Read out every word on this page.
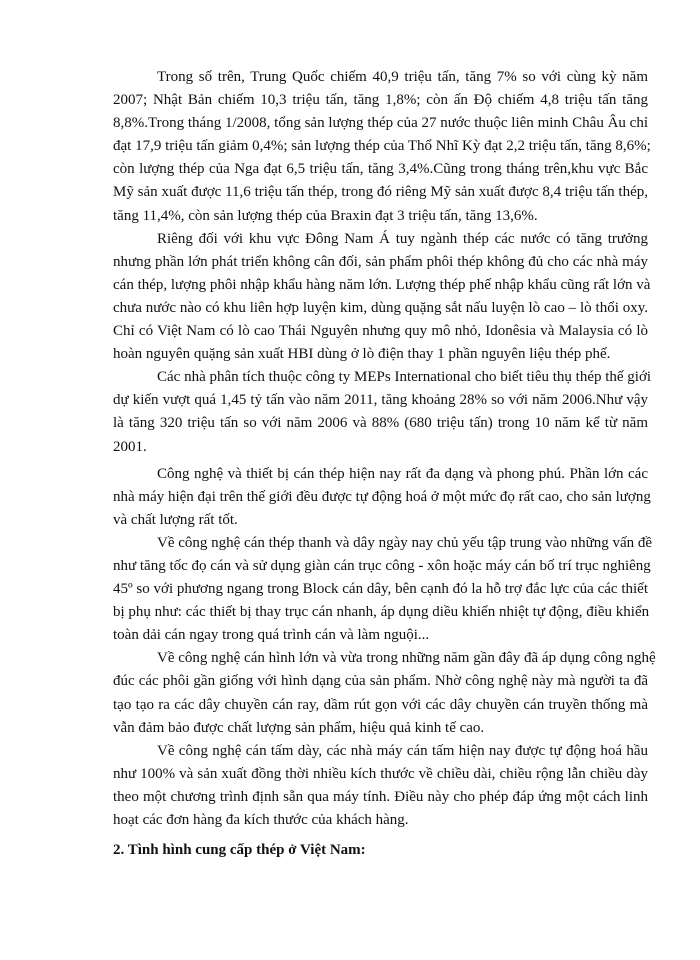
Trong số trên, Trung Quốc chiếm 40,9 triệu tấn, tăng 7% so với cùng kỳ năm
2007; Nhật Bản chiếm 10,3 triệu tấn, tăng 1,8%; còn ấn Độ chiếm 4,8 triệu tấn tăng
8,8%.Trong tháng 1/2008, tổng sản lượng thép của 27 nước thuộc liên minh Châu Âu chỉ
đạt 17,9 triệu tấn giảm 0,4%; sản lượng thép của Thổ Nhĩ Kỳ đạt 2,2 triệu tấn, tăng 8,6%;
còn lượng thép của Nga đạt 6,5 triệu tấn, tăng 3,4%.Cũng trong tháng trên,khu vực Bắc
Mỹ sản xuất được 11,6 triệu tấn thép, trong đó riêng Mỹ sản xuất được 8,4 triệu tấn thép,
tăng 11,4%, còn sản lượng thép của Braxin đạt 3 triệu tấn, tăng 13,6%.
Riêng đối với khu vực Đông Nam Á tuy ngành thép các nước có tăng trưởng
nhưng phần lớn phát triển không cân đối, sản phẩm phôi thép không đủ cho các nhà máy
cán thép, lượng phôi nhập khẩu hàng năm lớn. Lượng thép phế nhập khẩu cũng rất lớn và
chưa nước nào có khu liên hợp luyện kim, dùng quặng sắt nấu luyện lò cao – lò thổi oxy.
Chỉ có Việt Nam có lò cao Thái Nguyên nhưng quy mô nhỏ, Idonêsia và Malaysia có lò
hoàn nguyên quặng sản xuất HBI dùng ở lò điện thay 1 phần nguyên liệu thép phế.
Các nhà phân tích thuộc công ty MEPs International cho biết tiêu thụ thép thế giới
dự kiến vượt quá 1,45 tỷ tấn vào năm 2011, tăng khoảng 28% so với năm 2006.Như vậy
là tăng 320 triệu tấn so với năm 2006 và 88% (680 triệu tấn) trong 10 năm kể từ năm
2001.
Công nghệ và thiết bị cán thép hiện nay rất đa dạng và phong phú. Phần lớn các
nhà máy hiện đại trên thế giới đều được tự động hoá ở một mức đọ rất cao, cho sản lượng
và chất lượng rất tốt.
Về công nghệ cán thép thanh và dây ngày nay chủ yếu tập trung vào những vấn đề
như tăng tốc đọ cán và sử dụng giàn cán trục công - xôn hoặc máy cán bố trí trục nghiêng
45º so với phương ngang trong Block cán dây, bên cạnh đó la hỗ trợ đắc lực của các thiết
bị phụ như: các thiết bị thay trục cán nhanh, áp dụng diều khiển nhiệt tự động, điều khiển
toàn dải cán ngay trong quá trình cán và làm nguội...
Về công nghệ cán hình lớn và vừa trong những năm gần đây đã áp dụng công nghệ
đúc các phôi gần giống với hình dạng của sản phẩm. Nhờ công nghệ này mà người ta đã
tạo tạo ra các dây chuyền cán ray, dầm rút gọn với các dây chuyền cán truyền thống mà
vẫn đảm bảo được chất lượng sản phẩm, hiệu quả kinh tế cao.
Về công nghệ cán tấm dày, các nhà máy cán tấm hiện nay được tự động hoá hầu
như 100% và sản xuất đồng thời nhiều kích thước về chiều dài, chiều rộng lẫn chiều dày
theo một chương trình định sẵn qua máy tính. Điều này cho phép đáp ứng một cách linh
hoạt các đơn hàng đa kích thước của khách hàng.
2. Tình hình cung cấp thép ở Việt Nam:
